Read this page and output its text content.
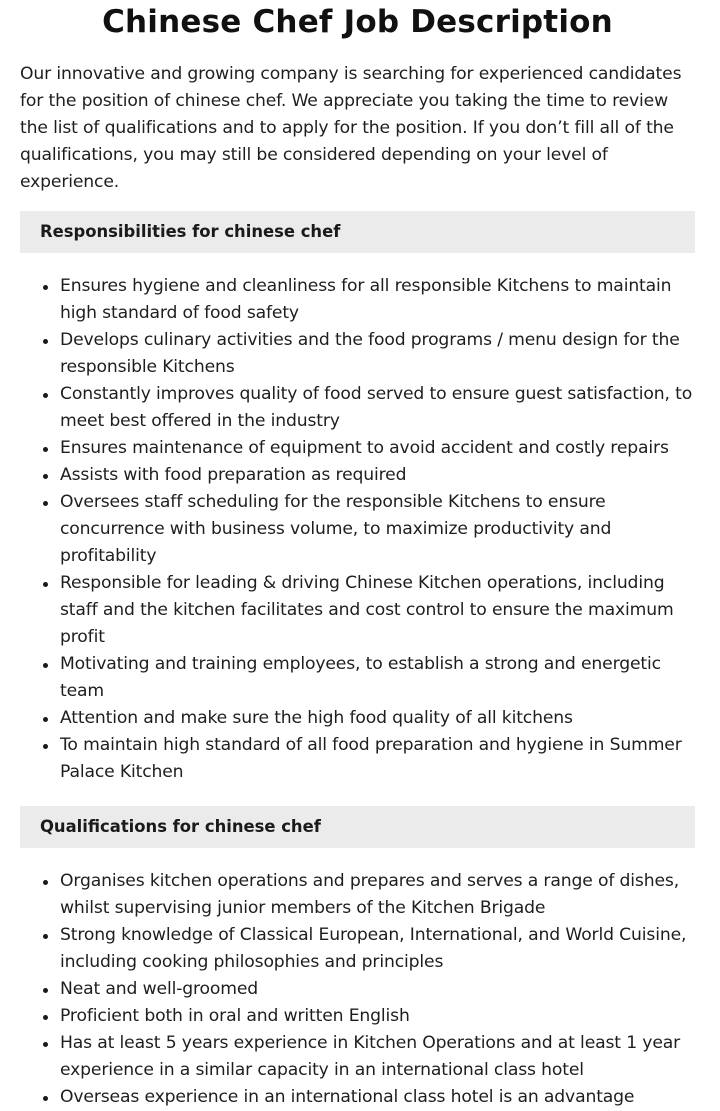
Chinese Chef Job Description

Our innovative and growing company is searching for experienced candidates for the position of chinese chef. We appreciate you taking the time to review the list of qualifications and to apply for the position. If you don’t fill all of the qualifications, you may still be considered depending on your level of experience.

Responsibilities for chinese chef
Ensures hygiene and cleanliness for all responsible Kitchens to maintain high standard of food safety
Develops culinary activities and the food programs / menu design for the responsible Kitchens
Constantly improves quality of food served to ensure guest satisfaction, to meet best offered in the industry
Ensures maintenance of equipment to avoid accident and costly repairs
Assists with food preparation as required
Oversees staff scheduling for the responsible Kitchens to ensure concurrence with business volume, to maximize productivity and profitability
Responsible for leading & driving Chinese Kitchen operations, including staff and the kitchen facilitates and cost control to ensure the maximum profit
Motivating and training employees, to establish a strong and energetic team
Attention and make sure the high food quality of all kitchens
To maintain high standard of all food preparation and hygiene in Summer Palace Kitchen
Qualifications for chinese chef
Organises kitchen operations and prepares and serves a range of dishes, whilst supervising junior members of the Kitchen Brigade
Strong knowledge of Classical European, International, and World Cuisine, including cooking philosophies and principles
Neat and well-groomed
Proficient both in oral and written English
Has at least 5 years experience in Kitchen Operations and at least 1 year experience in a similar capacity in an international class hotel
Overseas experience in an international class hotel is an advantage
